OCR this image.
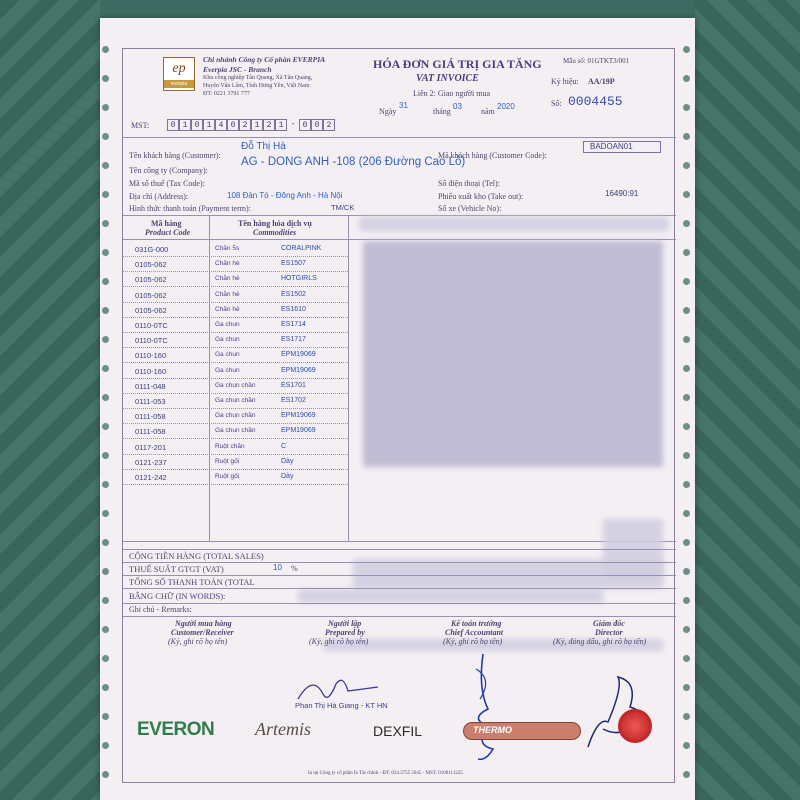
ep
everpia
Chi nhánh Công ty Cổ phần EVERPIA
Everpia JSC - Branch
Khu công nghiệp Tân Quang, Xã Tân Quang,
Huyện Văn Lâm, Tỉnh Hưng Yên, Việt Nam
ĐT: 0221 3791 777
MST:	0 1 0 1 4 0 2 1 2 1 - 0 0 2
HÓA ĐƠN GIÁ TRỊ GIA TĂNG
VAT INVOICE
Liên 2: Giao người mua
Ngày
31
tháng
03
năm
2020
Mẫu số: 01GTKT3/001
Ký hiệu: AA/19P
Số: 0004455
Tên khách hàng (Customer):
Đỗ Thị Hà
Mã khách hàng (Customer Code):
BADOAN01
Tên công ty (Company):
AG - DONG ANH -108 (206 Đường Cao Lỗ)
Mã số thuế (Tax Code):	Số điện thoại (Tel):
Địa chỉ (Address):	108 Đản Tó - Đông Anh - Hà Nội	Phiếu xuất kho (Take out):	16490:91
Hình thức thanh toán (Payment term):	TM/CK	Số xe (Vehicle No):
Mã hàng
Product Code
Tên hàng hóa dịch vụ
Commodities
031G-000	Chăn 5s	CORALPINK
0105-062	Chăn hè	ES1507
0105-062	Chăn hè	HOTGIRLS
0105-062	Chăn hè	ES1502
0105-062	Chăn hè	ES1610
0110-0TC	Ga chun	ES1714
0110-0TC	Ga chun	ES1717
0110-160	Ga chun	EPM19069
0110-160	Ga chun	EPM19069
0111-048	Ga chun chần	ES1701
0111-053	Ga chun chần	ES1702
0111-058	Ga chun chần	EPM19069
0111-058	Ga chun chần	EPM19069
0117-201	Ruột chăn	C
0121-237	Ruột gối	Dày
0121-242	Ruột gối	Dày
CỘNG TIỀN HÀNG (TOTAL SALES)
THUẾ SUẤT GTGT (VAT)	10 %
TỔNG SỐ THANH TOÁN (TOTAL
BẰNG CHỮ (IN WORDS):
Ghi chú - Remarks:
Người mua hàng
Customer/Receiver
(Ký, ghi rõ họ tên)
Người lập
Prepared by
(Ký, ghi rõ họ tên)
Kế toán trưởng
Chief Accountant
(Ký, ghi rõ họ tên)
Giám đốc
Director
(Ký, đóng dấu, ghi rõ họ tên)
Phan Thị Hà Giang - KT HN
EVERON Artemis	DEXFIL	THERMO
In tại Công ty cổ phần In Tài chính - ĐT: 024.3755 5045 - MST: 0100111225
